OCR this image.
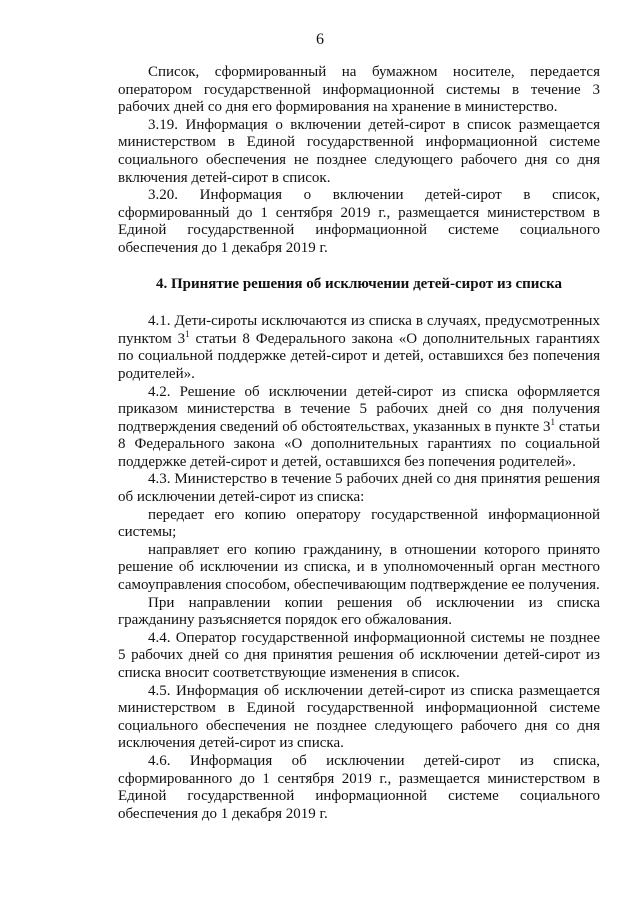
6

Список, сформированный на бумажном носителе, передается оператором государственной информационной системы в течение 3 рабочих дней со дня его формирования на хранение в министерство.

3.19. Информация о включении детей-сирот в список размещается министерством в Единой государственной информационной системе социального обеспечения не позднее следующего рабочего дня со дня включения детей-сирот в список.

3.20. Информация о включении детей-сирот в список, сформированный до 1 сентября 2019 г., размещается министерством в Единой государственной информационной системе социального обеспечения до 1 декабря 2019 г.

4. Принятие решения об исключении детей-сирот из списка

4.1. Дети-сироты исключаются из списка в случаях, предусмотренных пунктом $3^1$ статьи 8 Федерального закона «О дополнительных гарантиях по социальной поддержке детей-сирот и детей, оставшихся без попечения родителей».

4.2. Решение об исключении детей-сирот из списка оформляется приказом министерства в течение 5 рабочих дней со дня получения подтверждения сведений об обстоятельствах, указанных в пункте $3^1$ статьи 8 Федерального закона «О дополнительных гарантиях по социальной поддержке детей-сирот и детей, оставшихся без попечения родителей».

4.3. Министерство в течение 5 рабочих дней со дня принятия решения об исключении детей-сирот из списка:

передает его копию оператору государственной информационной системы;

направляет его копию гражданину, в отношении которого принято решение об исключении из списка, и в уполномоченный орган местного самоуправления способом, обеспечивающим подтверждение ее получения.

При направлении копии решения об исключении из списка гражданину разъясняется порядок его обжалования.

4.4. Оператор государственной информационной системы не позднее 5 рабочих дней со дня принятия решения об исключении детей-сирот из списка вносит соответствующие изменения в список.

4.5. Информация об исключении детей-сирот из списка размещается министерством в Единой государственной информационной системе социального обеспечения не позднее следующего рабочего дня со дня исключения детей-сирот из списка.

4.6. Информация об исключении детей-сирот из списка, сформированного до 1 сентября 2019 г., размещается министерством в Единой государственной информационной системе социального обеспечения до 1 декабря 2019 г.
